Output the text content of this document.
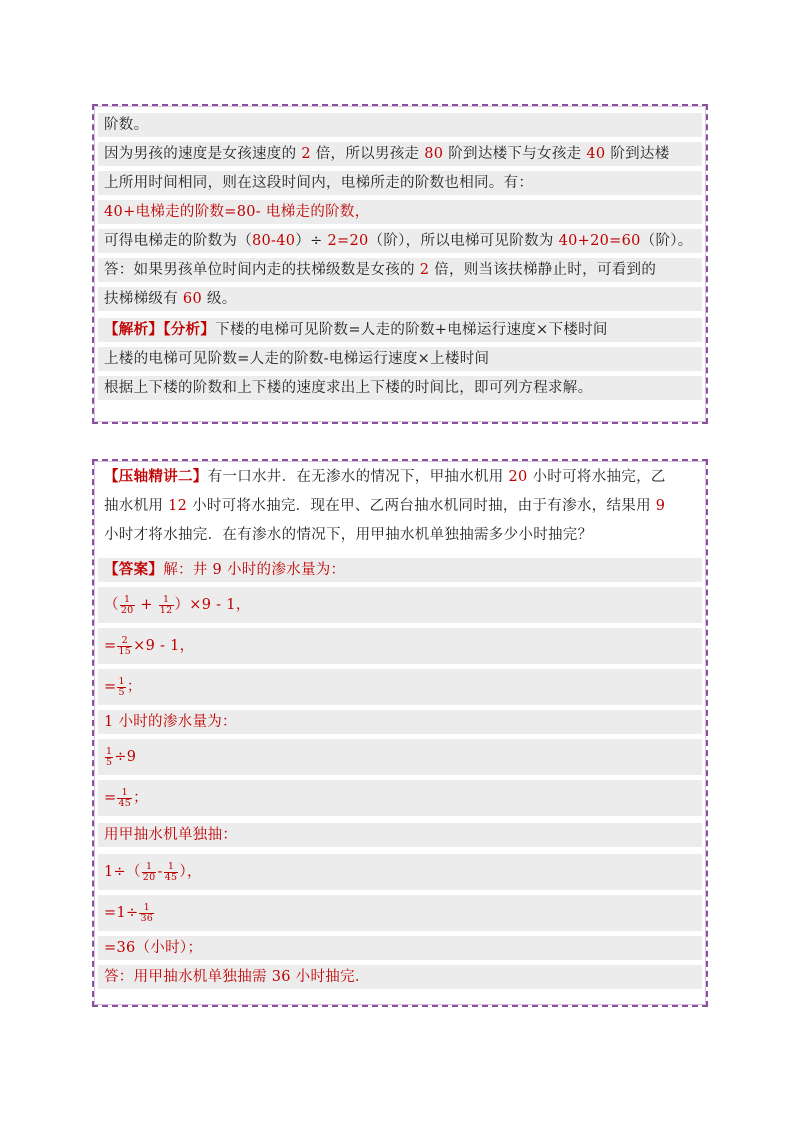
阶数。
因为男孩的速度是女孩速度的 2 倍，所以男孩走 80 阶到达楼下与女孩走 40 阶到达楼
上所用时间相同，则在这段时间内，电梯所走的阶数也相同。有：
40+电梯走的阶数=80- 电梯走的阶数，
可得电梯走的阶数为（80-40）÷ 2=20（阶），所以电梯可见阶数为 40+20=60（阶）。
答：如果男孩单位时间内走的扶梯级数是女孩的 2 倍，则当该扶梯静止时，可看到的
扶梯梯级有 60 级。
【解析】【分析】下楼的电梯可见阶数=人走的阶数+电梯运行速度×下楼时间
上楼的电梯可见阶数=人走的阶数-电梯运行速度×上楼时间
根据上下楼的阶数和上下楼的速度求出上下楼的时间比，即可列方程求解。
【压轴精讲二】有一口水井．在无渗水的情况下，甲抽水机用 20 小时可将水抽完，乙
抽水机用 12 小时可将水抽完．现在甲、乙两台抽水机同时抽，由于有渗水，结果用 9
小时才将水抽完．在有渗水的情况下，用甲抽水机单独抽需多少小时抽完？
【答案】解：井 9 小时的渗水量为：
（ $\frac{1}{20} + \frac{1}{12} )\times 9 - 1$，
= $\frac{2}{15} \times 9 - 1$，
= $\frac{1}{5}$ ；
1 小时的渗水量为：
$\frac{1}{5} \div 9$
= $\frac{1}{45}$ ；
用甲抽水机单独抽：
$1\div( \frac{1}{20} - \frac{1}{45}$ ），
$=1\div \frac{1}{36}$
=36（小时）；
答：用甲抽水机单独抽需 36 小时抽完．
